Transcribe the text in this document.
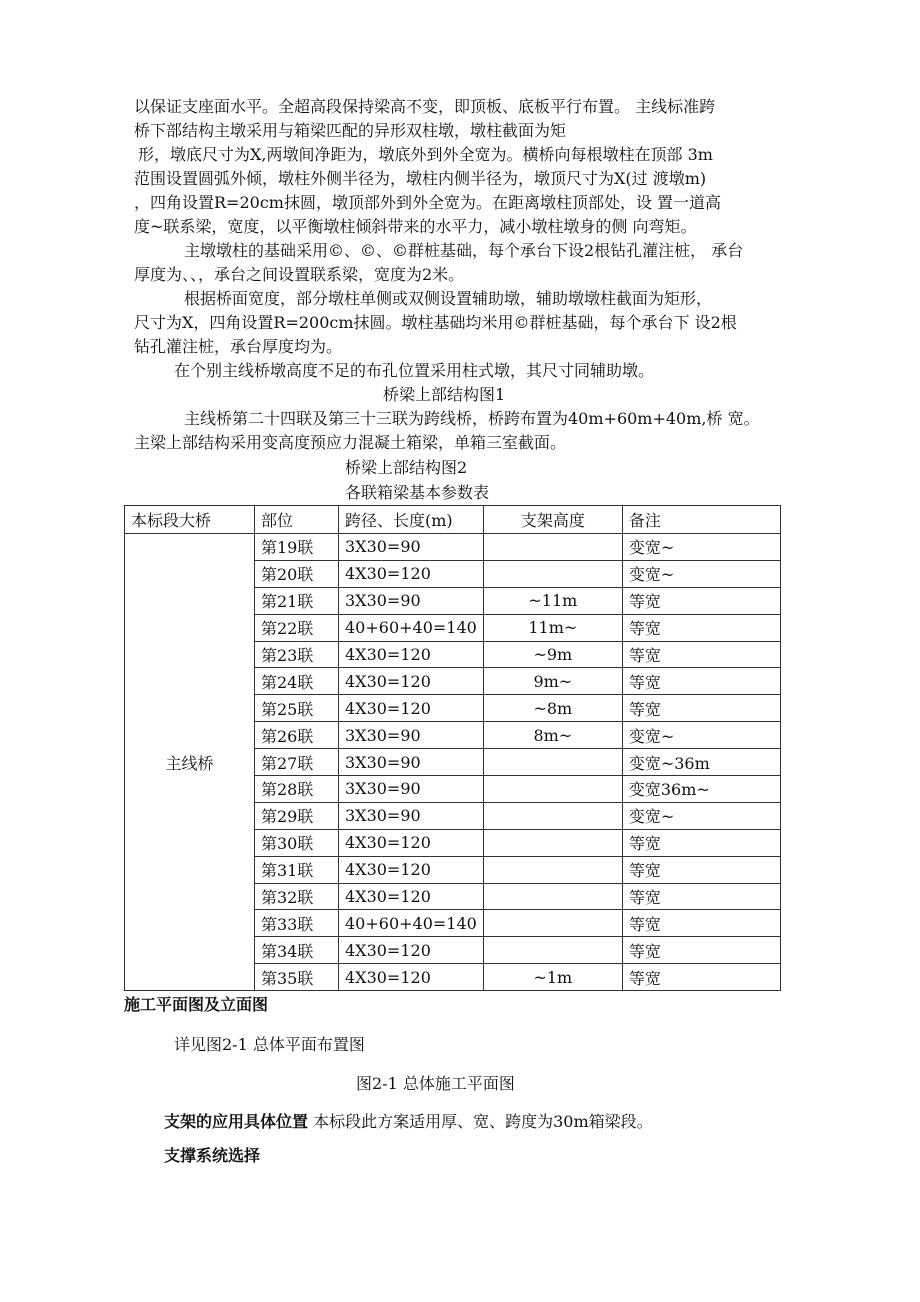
以保证支座面水平。全超高段保持梁高不变，即顶板、底板平行布置。 主线标准跨
桥下部结构主墩采用与箱梁匹配的异形双柱墩，墩柱截面为矩
形，墩底尺寸为X,两墩间净距为，墩底外到外全宽为。横桥向每根墩柱在顶部 3m
范围设置圆弧外倾，墩柱外侧半径为，墩柱内侧半径为，墩顶尺寸为X(过 渡墩m)
，四角设置R=20cm抹圆，墩顶部外到外全宽为。在距离墩柱顶部处，设 置一道高
度~联系梁，宽度，以平衡墩柱倾斜带来的水平力，减小墩柱墩身的侧 向弯矩。
主墩墩柱的基础采用©、©、©群桩基础，每个承台下设2根钻孔灌注桩， 承台
厚度为、、，承台之间设置联系梁，宽度为2米。
根据桥面宽度，部分墩柱单侧或双侧设置辅助墩，辅助墩墩柱截面为矩形，
尺寸为X，四角设置R=200cm抹圆。墩柱基础均米用©群桩基础，每个承台下 设2根
钻孔灌注桩，承台厚度均为。
在个别主线桥墩高度不足的布孔位置采用柱式墩，其尺寸同辅助墩。
桥梁上部结构图1
主线桥第二十四联及第三十三联为跨线桥，桥跨布置为40m+60m+40m,桥 宽。
主梁上部结构采用变高度预应力混凝土箱梁，单箱三室截面。
桥梁上部结构图2
各联箱梁基本参数表
本标段大桥	部位	跨径、长度(m)	支架高度	备注
主线桥	第19联	3X30=90		变宽~
	第20联	4X30=120		变宽~
	第21联	3X30=90	~11m	等宽
	第22联	40+60+40=140	11m~	等宽
	第23联	4X30=120	~9m	等宽
	第24联	4X30=120	9m~	等宽
	第25联	4X30=120	~8m	等宽
	第26联	3X30=90	8m~	变宽~
	第27联	3X30=90		变宽~36m
	第28联	3X30=90		变宽36m~
	第29联	3X30=90		变宽~
	第30联	4X30=120		等宽
	第31联	4X30=120		等宽
	第32联	4X30=120		等宽
	第33联	40+60+40=140		等宽
	第34联	4X30=120		等宽
	第35联	4X30=120	~1m	等宽
施工平面图及立面图
详见图2-1 总体平面布置图
图2-1 总体施工平面图
支架的应用具体位置 本标段此方案适用厚、宽、跨度为30m箱梁段。
支撑系统选择
